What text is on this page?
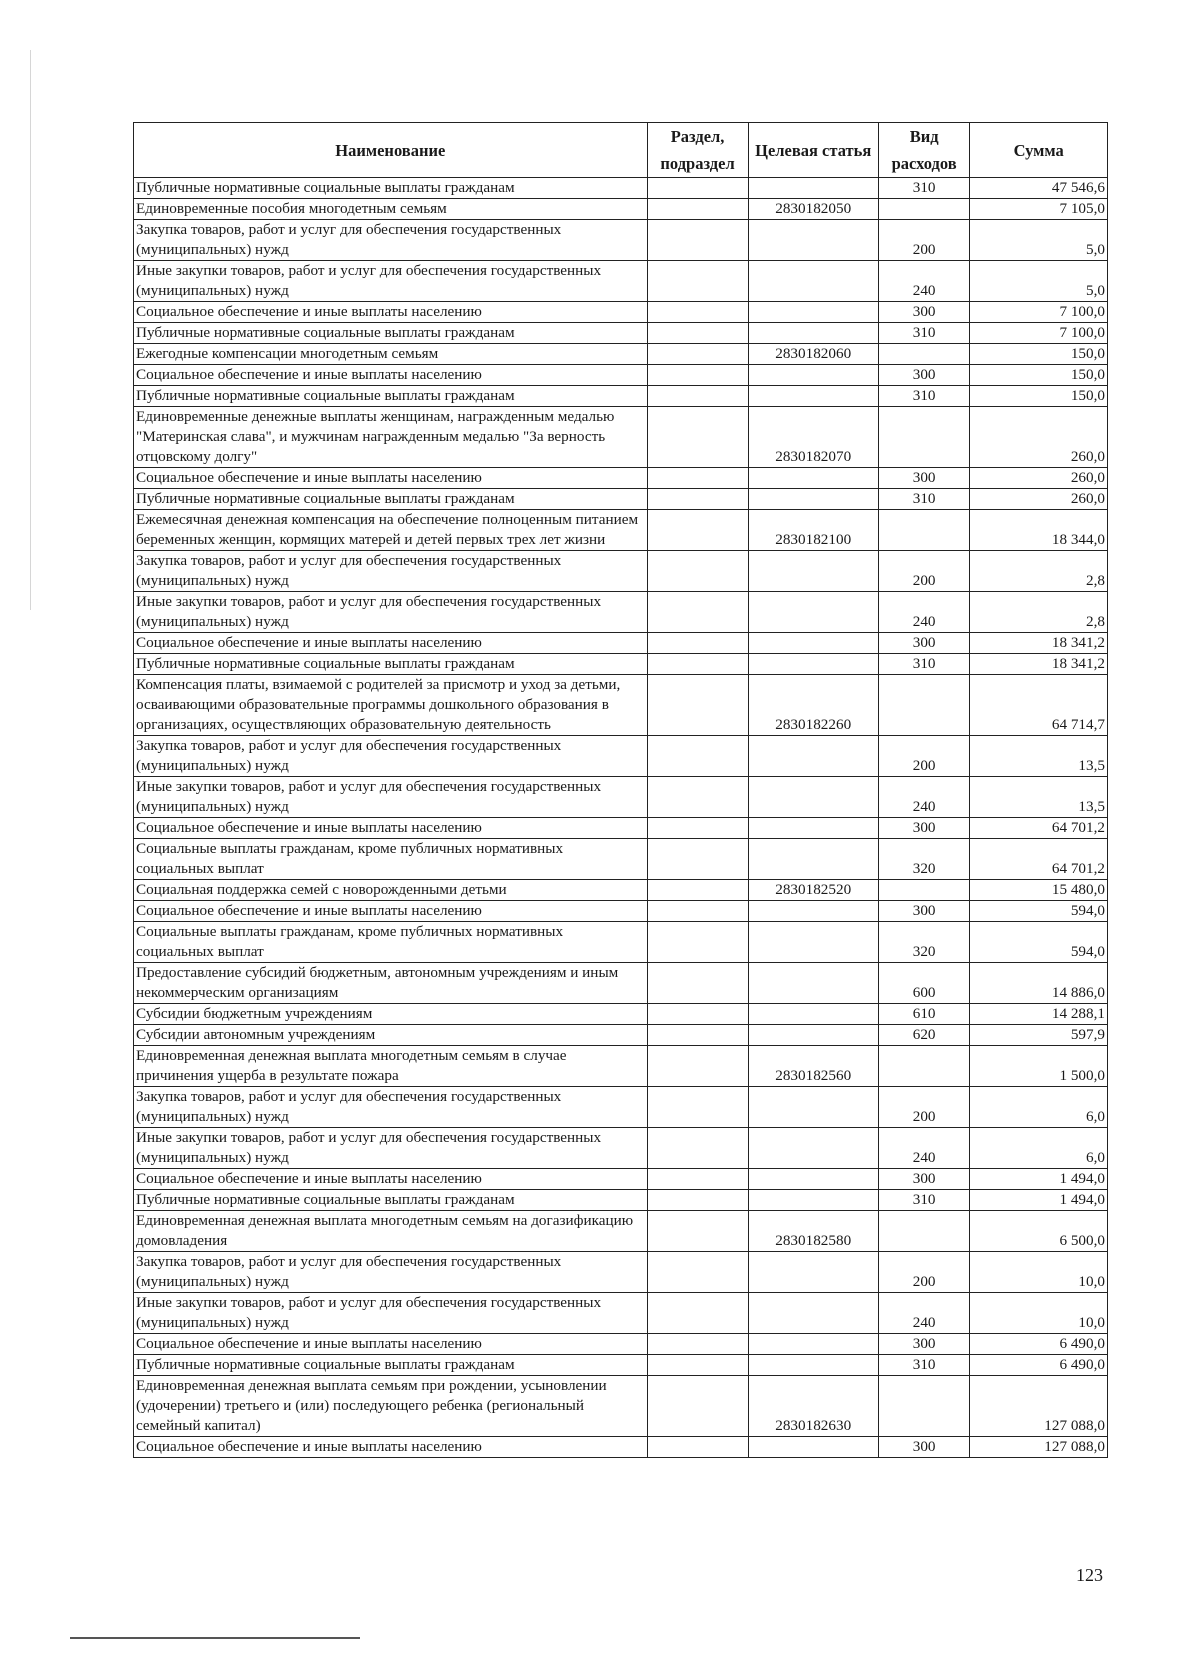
Наименование	Раздел, подраздел	Целевая статья	Вид расходов	Сумма
Публичные нормативные социальные выплаты гражданам			310	47 546,6
Единовременные пособия многодетным семьям		2830182050		7 105,0
Закупка товаров, работ и услуг для обеспечения государственных (муниципальных) нужд			200	5,0
Иные закупки товаров, работ и услуг для обеспечения государственных (муниципальных) нужд			240	5,0
Социальное обеспечение и иные выплаты населению			300	7 100,0
Публичные нормативные социальные выплаты гражданам			310	7 100,0
Ежегодные компенсации многодетным семьям		2830182060		150,0
Социальное обеспечение и иные выплаты населению			300	150,0
Публичные нормативные социальные выплаты гражданам			310	150,0
Единовременные денежные выплаты женщинам, награжденным медалью "Материнская слава", и мужчинам награжденным медалью "За верность отцовскому долгу"		2830182070		260,0
Социальное обеспечение и иные выплаты населению			300	260,0
Публичные нормативные социальные выплаты гражданам			310	260,0
Ежемесячная денежная компенсация на обеспечение полноценным питанием беременных женщин, кормящих матерей и детей первых трех лет жизни		2830182100		18 344,0
Закупка товаров, работ и услуг для обеспечения государственных (муниципальных) нужд			200	2,8
Иные закупки товаров, работ и услуг для обеспечения государственных (муниципальных) нужд			240	2,8
Социальное обеспечение и иные выплаты населению			300	18 341,2
Публичные нормативные социальные выплаты гражданам			310	18 341,2
Компенсация платы, взимаемой с родителей за присмотр и уход за детьми, осваивающими образовательные программы дошкольного образования в организациях, осуществляющих образовательную деятельность		2830182260		64 714,7
Закупка товаров, работ и услуг для обеспечения государственных (муниципальных) нужд			200	13,5
Иные закупки товаров, работ и услуг для обеспечения государственных (муниципальных) нужд			240	13,5
Социальное обеспечение и иные выплаты населению			300	64 701,2
Социальные выплаты гражданам, кроме публичных нормативных социальных выплат			320	64 701,2
Социальная поддержка семей с новорожденными детьми		2830182520		15 480,0
Социальное обеспечение и иные выплаты населению			300	594,0
Социальные выплаты гражданам, кроме публичных нормативных социальных выплат			320	594,0
Предоставление субсидий бюджетным, автономным учреждениям и иным некоммерческим организациям			600	14 886,0
Субсидии бюджетным учреждениям			610	14 288,1
Субсидии автономным учреждениям			620	597,9
Единовременная денежная выплата многодетным семьям в случае причинения ущерба в результате пожара		2830182560		1 500,0
Закупка товаров, работ и услуг для обеспечения государственных (муниципальных) нужд			200	6,0
Иные закупки товаров, работ и услуг для обеспечения государственных (муниципальных) нужд			240	6,0
Социальное обеспечение и иные выплаты населению			300	1 494,0
Публичные нормативные социальные выплаты гражданам			310	1 494,0
Единовременная денежная выплата многодетным семьям на догазификацию домовладения		2830182580		6 500,0
Закупка товаров, работ и услуг для обеспечения государственных (муниципальных) нужд			200	10,0
Иные закупки товаров, работ и услуг для обеспечения государственных (муниципальных) нужд			240	10,0
Социальное обеспечение и иные выплаты населению			300	6 490,0
Публичные нормативные социальные выплаты гражданам			310	6 490,0
Единовременная денежная выплата семьям при рождении, усыновлении (удочерении) третьего и (или) последующего ребенка (региональный семейный капитал)		2830182630		127 088,0
Социальное обеспечение и иные выплаты населению			300	127 088,0
123
